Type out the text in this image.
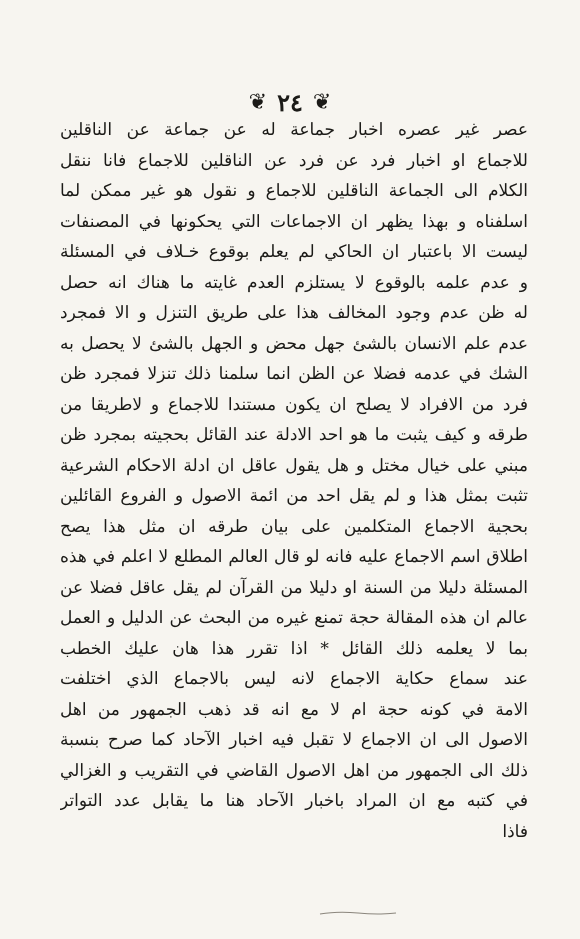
❦
٢٤
❦
عصر غير عصره اخبار جماعة له عن جماعة عن الناقلين
للاجماع او اخبار فرد عن فرد عن الناقلين للاجماع فانا ننقل
الكلام الى الجماعة الناقلين للاجماع و نقول هو غير ممكن لما
اسلفناه و بهذا يظهر ان الاجماعات التي يحكونها في المصنفات
ليست الا باعتبار ان الحاكي لم يعلم بوقوع خـلاف في المسئلة
و عدم علمه بالوقوع لا يستلزم العدم غايته ما هناك انه حصل
له ظن عدم وجود المخالف هذا على طريق التنزل و الا فمجرد
عدم علم الانسان بالشئ جهل محض و الجهل بالشئ لا يحصل به
الشك في عدمه فضلا عن الظن انما سلمنا ذلك تنزلا فمجرد ظن
فرد من الافراد لا يصلح ان يكون مستندا للاجماع و لاطريقا من
طرقه و كيف يثبت ما هو احد الادلة عند القائل بحجيته بمجرد ظن
مبني على خيال مختل و هل يقول عاقل ان ادلة الاحكام الشرعية
تثبت بمثل هذا و لم يقل احد من ائمة الاصول و الفروع القائلين
بحجية الاجماع المتكلمين على بيان طرقه ان مثل هذا يصح
اطلاق اسم الاجماع عليه فانه لو قال العالم المطلع لا اعلم في هذه
المسئلة دليلا من السنة او دليلا من القرآن لم يقل عاقل فضلا عن
عالم ان هذه المقالة حجة تمنع غيره من البحث عن الدليل و العمل
بما لا يعلمه ذلك القائل * اذا تقرر هذا هان عليك الخطب
عند سماع حكاية الاجماع لانه ليس بالاجماع الذي اختلفت
الامة في كونه حجة ام لا مع انه قد ذهب الجمهور من اهل
الاصول الى ان الاجماع لا تقبل فيه اخبار الآحاد كما صرح بنسبة
ذلك الى الجمهور من اهل الاصول القاضي في التقريب و الغزالي
في كتبه مع ان المراد باخبار الآحاد هنا ما يقابل عدد التواتر
فاذا
